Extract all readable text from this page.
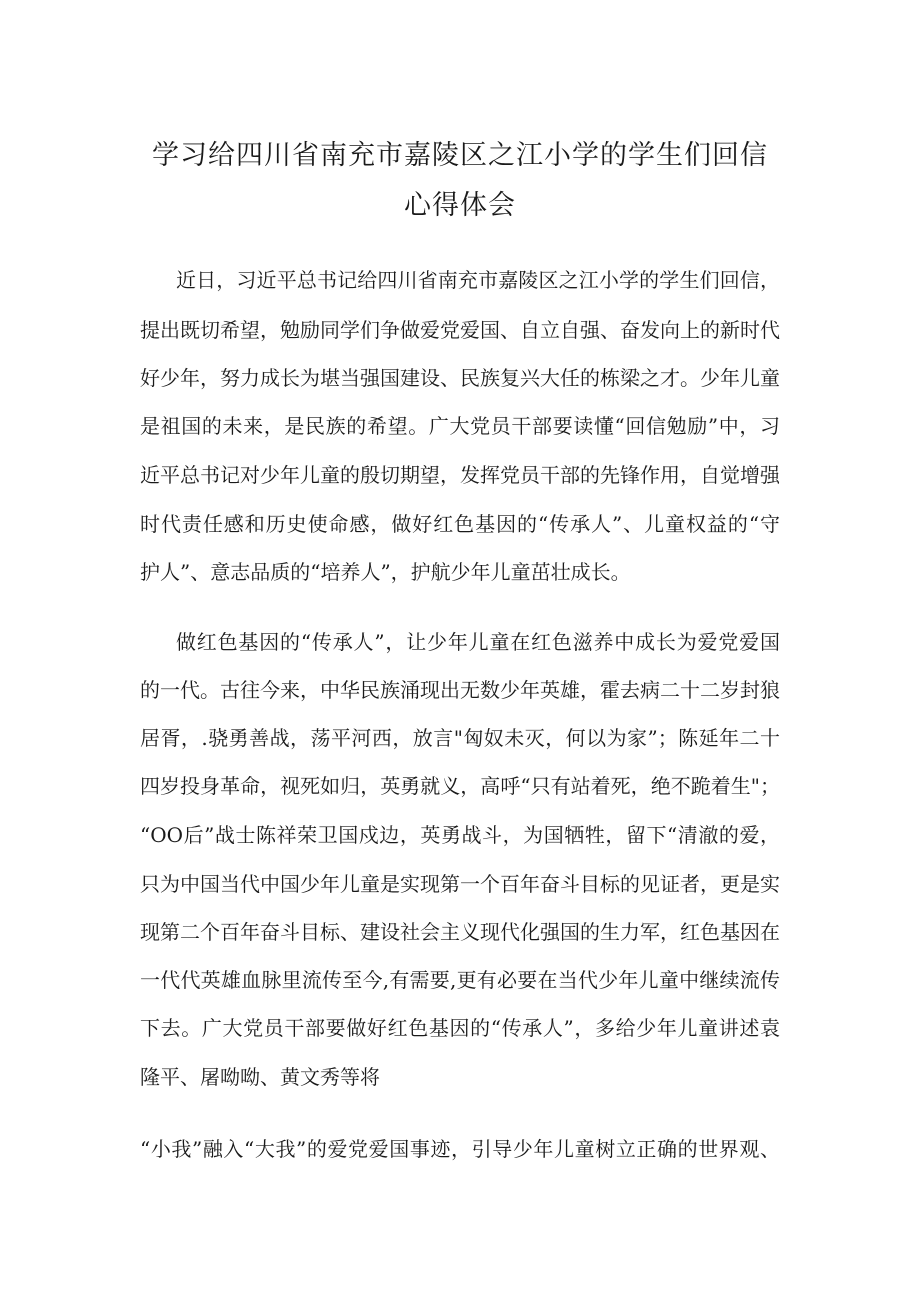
学习给四川省南充市嘉陵区之江小学的学生们回信
心得体会
近日，习近平总书记给四川省南充市嘉陵区之江小学的学生们回信，
提出既切希望，勉励同学们争做爱党爱国、自立自强、奋发向上的新时代
好少年，努力成长为堪当强国建设、民族复兴大任的栋梁之才。少年儿童
是祖国的未来，是民族的希望。广大党员干部要读懂“回信勉励”中，习
近平总书记对少年儿童的殷切期望，发挥党员干部的先锋作用，自觉增强
时代责任感和历史使命感，做好红色基因的“传承人”、儿童权益的“守
护人”、意志品质的“培养人”，护航少年儿童茁壮成长。
做红色基因的“传承人”，让少年儿童在红色滋养中成长为爱党爱国
的一代。古往今来，中华民族涌现出无数少年英雄，霍去病二十二岁封狼
居胥，.骁勇善战，荡平河西，放言"匈奴未灭，何以为家”；陈延年二十
四岁投身革命，视死如归，英勇就义，高呼“只有站着死，绝不跪着生"；
“OO后”战士陈祥荣卫国戍边，英勇战斗，为国牺牲，留下“清澈的爱，
只为中国当代中国少年儿童是实现第一个百年奋斗目标的见证者，更是实
现第二个百年奋斗目标、建设社会主义现代化强国的生力军，红色基因在
一代代英雄血脉里流传至今,有需要,更有必要在当代少年儿童中继续流传
下去。广大党员干部要做好红色基因的“传承人”，多给少年儿童讲述袁
隆平、屠呦呦、黄文秀等将
“小我”融入“大我”的爱党爱国事迹，引导少年儿童树立正确的世界观、
